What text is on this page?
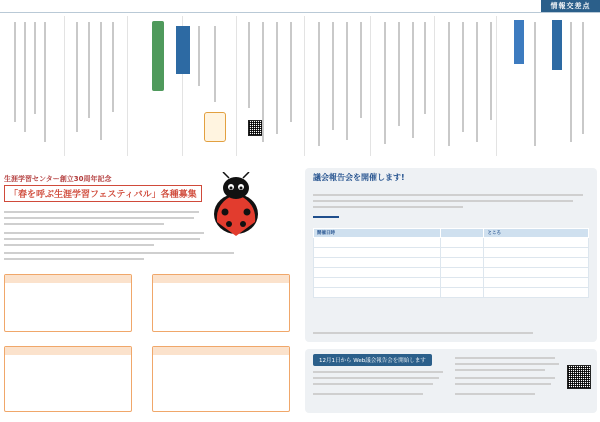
情報交差点
生涯学習センター創立30周年記念
「春を呼ぶ生涯学習フェスティバル」各種募集
議会報告会を開催します!
開催日時		ところ

12月1日から Web議会報告会を開始します
